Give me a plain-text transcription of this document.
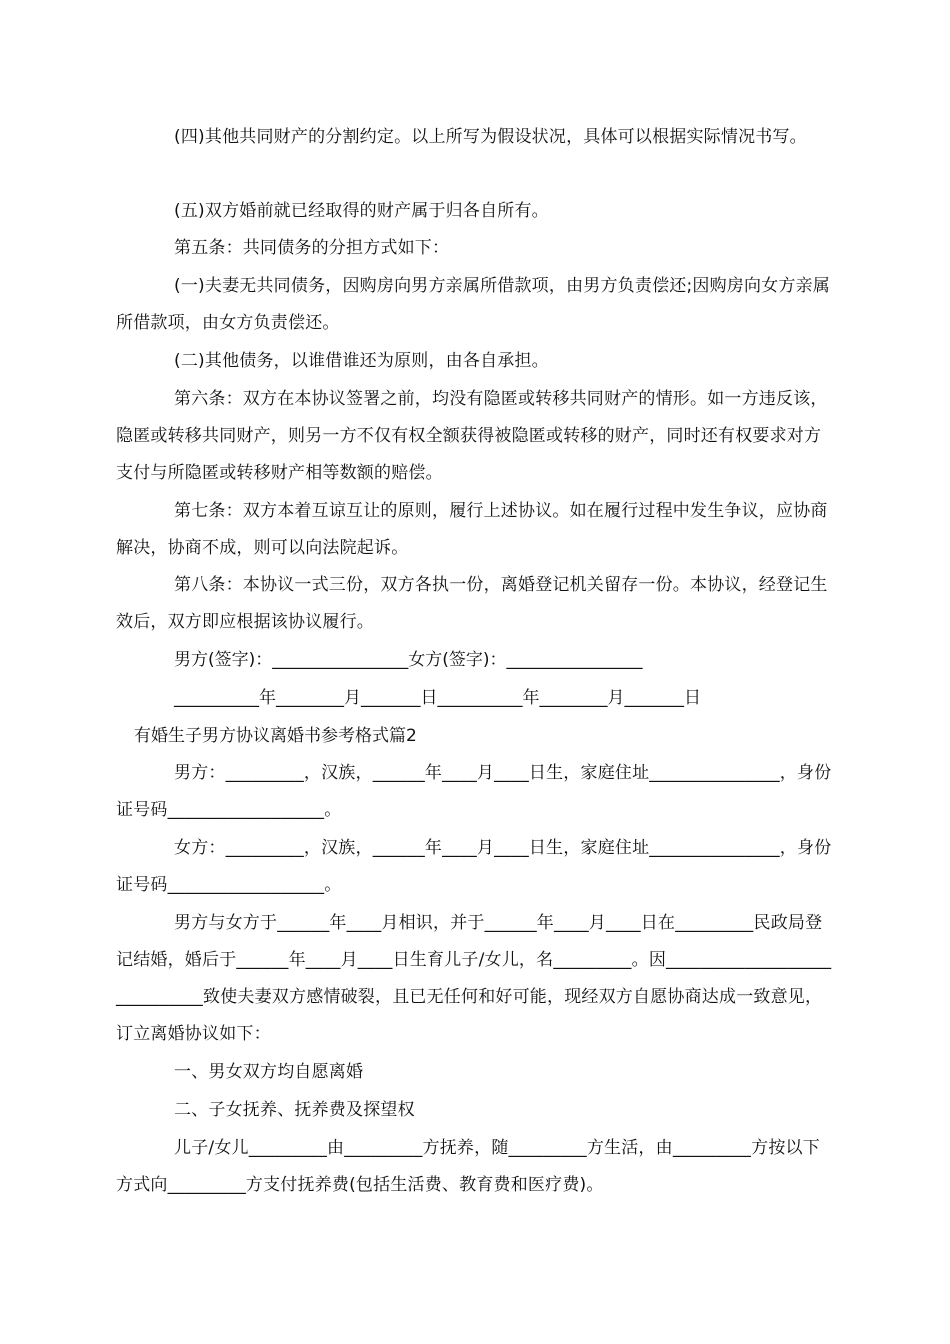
(四)其他共同财产的分割约定。以上所写为假设状况，具体可以根据实际情况书写。

(五)双方婚前就已经取得的财产属于归各自所有。

第五条：共同债务的分担方式如下：

(一)夫妻无共同债务，因购房向男方亲属所借款项，由男方负责偿还;因购房向女方亲属所借款项，由女方负责偿还。

(二)其他债务，以谁借谁还为原则，由各自承担。

第六条：双方在本协议签署之前，均没有隐匿或转移共同财产的情形。如一方违反该，隐匿或转移共同财产，则另一方不仅有权全额获得被隐匿或转移的财产，同时还有权要求对方支付与所隐匿或转移财产相等数额的赔偿。

第七条：双方本着互谅互让的原则，履行上述协议。如在履行过程中发生争议，应协商解决，协商不成，则可以向法院起诉。

第八条：本协议一式三份，双方各执一份，离婚登记机关留存一份。本协议，经登记生效后，双方即应根据该协议履行。

男方(签字)：________________女方(签字)：________________

__________年________月_______日__________年________月_______日

有婚生子男方协议离婚书参考格式篇2

男方：_________，汉族，______年____月____日生，家庭住址_______________，身份证号码__________________。

女方：_________，汉族，______年____月____日生，家庭住址_______________，身份证号码__________________。

男方与女方于______年____月相识，并于______年____月____日在_________民政局登记结婚，婚后于______年____月____日生育儿子/女儿，名_________。因_____________________________致使夫妻双方感情破裂，且已无任何和好可能，现经双方自愿协商达成一致意见，订立离婚协议如下：

一、男女双方均自愿离婚

二、子女抚养、抚养费及探望权

儿子/女儿_________由_________方抚养，随_________方生活，由_________方按以下方式向_________方支付抚养费(包括生活费、教育费和医疗费)。
